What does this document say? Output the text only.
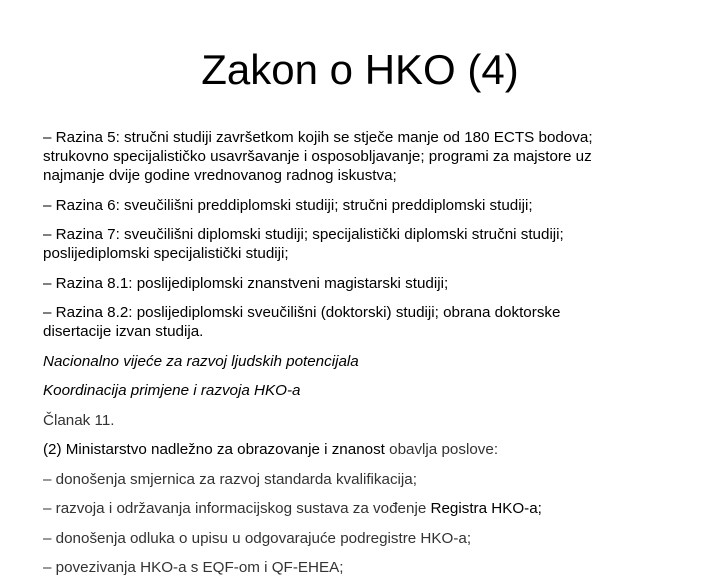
Zakon o HKO (4)
– Razina 5: stručni studiji završetkom kojih se stječe manje od 180 ECTS bodova;
strukovno specijalističko usavršavanje i osposobljavanje; programi za majstore uz
najmanje dvije godine vrednovanog radnog iskustva;
– Razina 6: sveučilišni preddiplomski studiji; stručni preddiplomski studiji;
– Razina 7: sveučilišni diplomski studiji; specijalistički diplomski stručni studiji;
poslijediplomski specijalistički studiji;
– Razina 8.1: poslijediplomski znanstveni magistarski studiji;
– Razina 8.2: poslijediplomski sveučilišni (doktorski) studiji; obrana doktorske
disertacije izvan studija.
Nacionalno vijeće za razvoj ljudskih potencijala
Koordinacija primjene i razvoja HKO-a
Članak 11.
(2) Ministarstvo nadležno za obrazovanje i znanost obavlja poslove:
– donošenja smjernica za razvoj standarda kvalifikacija;
– razvoja i održavanja informacijskog sustava za vođenje Registra HKO-a;
– donošenja odluka o upisu u odgovarajuće podregistre HKO-a;
– povezivanja HKO-a s EQF-om i QF-EHEA;
